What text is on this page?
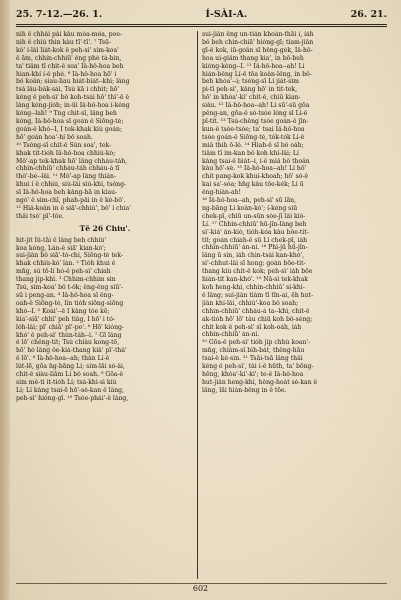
25. 7-12.—26. 1.	Í-SÀI-A.	26. 21.
nih ê chhài pài kàu móa-móa, poe-
nih ê chiú thin kàu tī'-tī'. ⁷ Tsū-
kó' í-lâi liát-kok ê peh-sì' sim-koa'
ê ām, chhin-chhiū' êng phè tá-bin,
ta' tiâm tī chit-ê soa' Iâ-hô-hoa beh
hian-khí í-ê phè. ⁸ Iâ-hô-hoa hō' i
bô koân; siau-liau biát-biát--khì; lâng
tsá lâu-bák-sái, Tsú kā i chhit; hō'
kéng ê peh-sì' bô koh-tsái hō' thì'-ē ê
lâng kéng-jióh; in-ūi Iâ-hô-hoa í-kéng
kóng--lah! ⁹ Tng chit-sî, lâng beh
kóng, Iâ-hô-hoa sī goán ê Siōng-tè;
goán-ê khó--I, I tek-khak kiù goán;
hō' goán hoa'-hí bô soah.
¹⁰ Tsóng-sī chit-ê Sûn soa', tek-
khak tit-tióh Iâ-hô-hoa chhiú-kò;
Mô'-ap tek-khak hō' lâng chháu-táh,
chhin-chhiū' chháu-táh chháu-á tī
thô'-bé--lâi. ¹¹ Mô'-ap lâng thián-
khui í ê chhiú, siú-lâi siú-khì, tsóng-
sī Iâ-hô-hoa beh kàng-hā in kiau-
ngó' ê sim-chī, phah-pāi in ê kè-bô'.
¹² Hiâ-koân in ê siā'-chhiú', bô' i chia'
thâi tsò' pī'-tôe.
Tē 26 Chiu'.
hit-jit Iû-tāi ê lâng beh chhiù'
koa kóng, Lán-ê siā' kian-kò';
sui-jiân bô siā'-tó-chí, Siōng-tè tek-
khak chhiù-kò' lán. ² Tióh khui ê
mn̂g, sú tō-lí hó-ê peh-sì' chiah
thang jip-khì. ³ Chhim-chhim sìn
Tsú, sim-koa' bô t-ôk; êng-êng siū'-
sū i peng-an. ⁴ Iâ-hô-hoa sī êng-
oah-ê Siōng-tè, lín tióh siōng-siōng
khò--I. ⁵ Koái'--ê I kàng tóe kē;
kia'-siā' chhī' peh tiâg, I hō' i tó-
lóh-lâi; pī' chiā' pī'-po'. ⁶ Hō' kióng-
khó' ê peh-sì' thùn-táh--i. ⁷ Gī lâng
ê lō' chêng-tit; Tsú chiàu kong-tō,
hō' hó lâng ôe-kiá-thang kià' pī'-thâ'
ê lō'. ⁸ Iâ-hô-hoa--ah; thàn Lí-ê
lút-lē, gōa n̄g-bāng Lí; sim-lāi só-ài,
chit-ê siàu-liām Lí bô soah. ⁹ Gōa-ê
sim mê-tí it-tióh Lí; tsá-khì-sì kiù
Lí; Lí kàng tsai-ē hō'-sè-kan ê lâng,
peh-sì' hiông-gī. ¹⁰ Tsóe-phái'-ê lâng,
sui-jiân êng un-tián khoán-thāi i, iáh
bô beh chin-chiā' hióng-gī; tiam-jiân
gī-ê kok, iū-goân sī hêng-gék, Iâ-hô-
hoa ui-giâm thang kia', in bô-beh
kióng-kèng--I. ¹¹ Iâ-hô-hoa--ah! Lí
hián-bêng Lí-ê tōa koân-lêng, in bô-
beh khòa'--i; tsóng-sī Lí jiát-sim
pì-tī peh-sì', kàng hō' in tit-tek,
hō' in khòa'-kì' chit-ê, chiū kian-
siàu. ¹² Iâ-hô-hoa--ah! Lí sū'-sū gōa
pêng-an, gōa-ê só-tsòe lóng sī Lí-ê
pī-tit. ¹³ Tsú-chêng tsòe goán-ê jīn-
kun-ê tsòe-tsòe; ta' tsai Iâ-hô-hoa
tsòe goán-ê Siōng-tè, tók-tók Lí-ê
miâ thih ō-ló. ¹⁴ Hiah-ê sī bô oáh;
tiâm tī im-kan bô koh khí-lâi; Lí
kàng tsai-ê biát--i, í-ê miâ bô thoân
kàu hō'-sè. ¹⁵ Iâ-hô-hoa--ah! Lí hō'
chit pang-kok khuí-khoah; hō' só-ê
kai sa'-sòa; hn̄g kàu tōe-kék; Lí ū
êng-hián-ah!
¹⁶ Iâ-hô-hoa--ah, peh-sì' sū lān,
ng-bāng Lí koàn-kò'; í-kéng siū
chek-pī, chiū un-sūn sòe-jī lâi kiô-
Lí. ¹⁷ Chhin-chhiū' hū-jîn-lâng beh
si'-kiá' àn-kiò, tióh-kóa kàu bôe-tit-
tit; goán chiah-ê sū Lí chek-pī, iáh
chhin-chhiū' án-ni. ¹⁸ Phì-jū hū-jîn-
lâng ū sin, iáh chin-tsái kan-khó',
si'-chhut-lâi sī hong; goán bōe-tit-
thang kiù chit-ê kok; peh-sì' iáh bōe
hián-tit kan-khó'. ¹⁹ Nā-sí tek-khak
koh heng-khí, chhin-chhiū' sí-khì-
ê lâng; sui-jiân tiàm tī tīn-ai, ēh hut-
jiân khí-lâi, chhiù'-koa bô soah;
chhin-chhiū' chháu-á ta--khì, chit-ê
ak-tióh hō' lō' táu chiū koh bô-sèng;
chit kok ê peh-sì' sī koh-oáh, iáh
chhin-chhiū' án-ni.
²⁰ Gōa-ê peh-sì' tióh jip chhù koan'-
mn̂g, chiâm-sî bih-bát, thêng-hāu
tsai-ê kè-sin. ²¹ Tsāi-tsā lâng thâi
kéng ê peh-sì', tài í-ê hūth, ta' bōng-
hēng, khòa'-kì'-kì'; te-ê Iâ-hô-hoa
hut-jiân heng-khí, hêng-hoát sè-kan ê
lâng, lāi hián-bêng in ê tōe.
602
